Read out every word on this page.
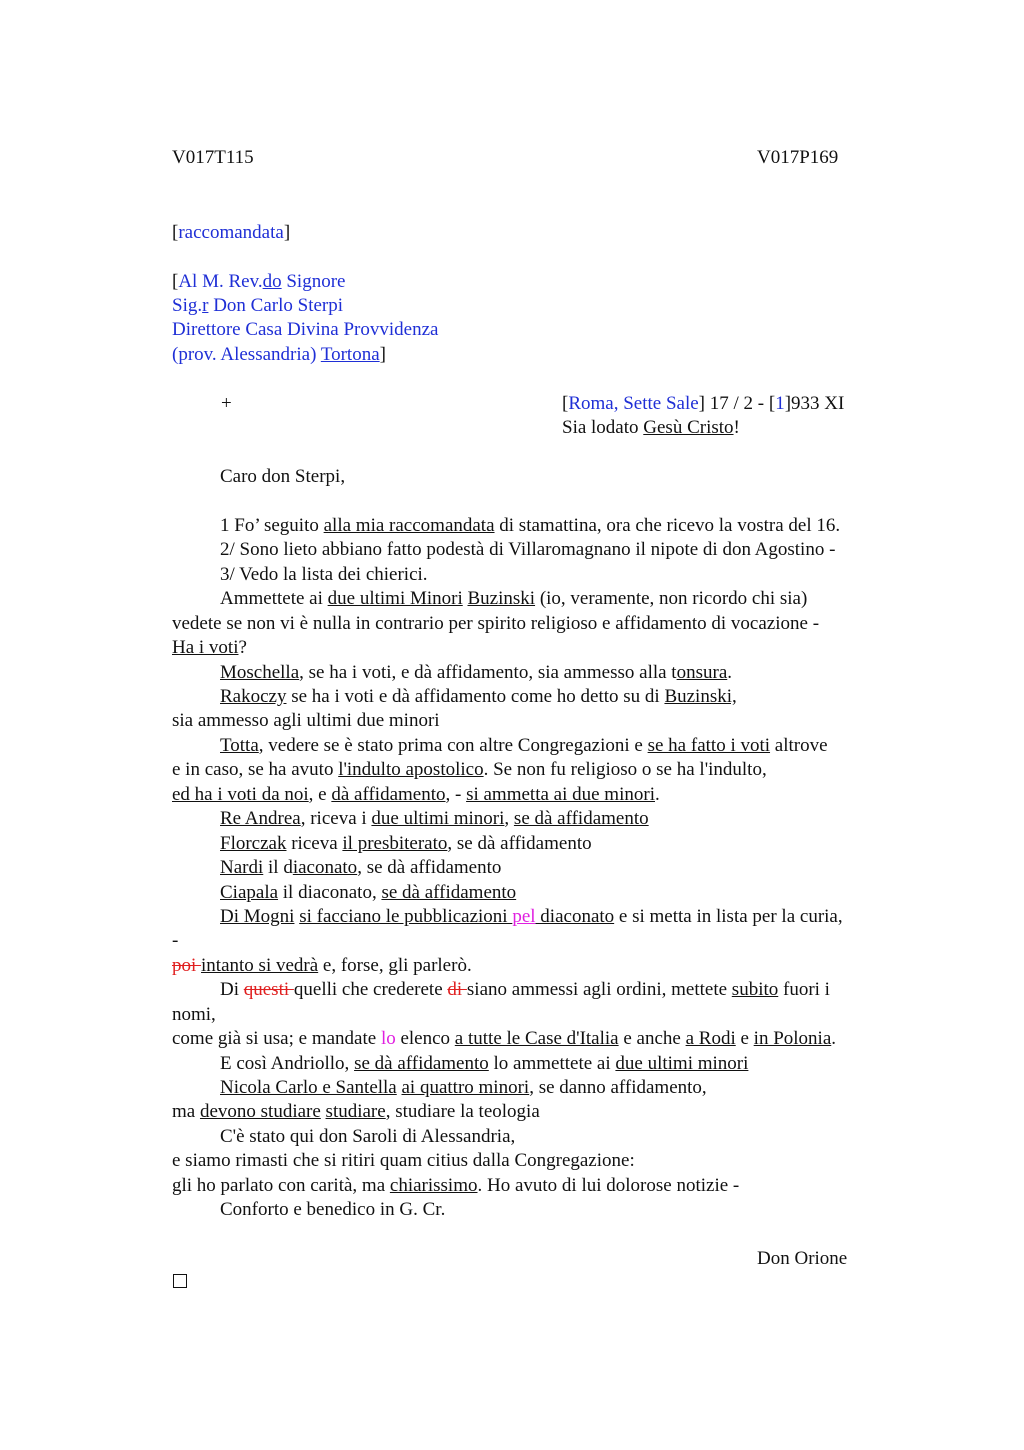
V017T115	V017P169
[raccomandata]
[Al M. Rev.do Signore
Sig.r Don Carlo Sterpi
Direttore Casa Divina Provvidenza
(prov. Alessandria) Tortona]
+	[Roma, Sette Sale] 17 / 2 - [1]933 XI
Sia lodato Gesù Cristo!
Caro don Sterpi,
1 Fo’ seguito alla mia raccomandata di stamattina, ora che ricevo la vostra del 16.
2/ Sono lieto abbiano fatto podestà di Villaromagnano il nipote di don Agostino -
3/ Vedo la lista dei chierici.
Ammettete ai due ultimi Minori Buzinski (io, veramente, non ricordo chi sia)
vedete se non vi è nulla in contrario per spirito religioso e affidamento di vocazione -
Ha i voti?
Moschella, se ha i voti, e dà affidamento, sia ammesso alla tonsura.
Rakoczy se ha i voti e dà affidamento come ho detto su di Buzinski,
sia ammesso agli ultimi due minori
Totta, vedere se è stato prima con altre Congregazioni e se ha fatto i voti altrove
e in caso, se ha avuto l'indulto apostolico. Se non fu religioso o se ha l'indulto,
ed ha i voti da noi, e dà affidamento, - si ammetta ai due minori.
Re Andrea, riceva i due ultimi minori, se dà affidamento
Florczak riceva il presbiterato, se dà affidamento
Nardi il diaconato, se dà affidamento
Ciapala il diaconato, se dà affidamento
Di Mogni si facciano le pubblicazioni pel diaconato e si metta in lista per la curia,
-
poi intanto si vedrà e, forse, gli parlerò.
Di questi quelli che crederete di siano ammessi agli ordini, mettete subito fuori i
nomi,
come già si usa; e mandate lo elenco a tutte le Case d'Italia e anche a Rodi e in Polonia.
E così Andriollo, se dà affidamento lo ammettete ai due ultimi minori
Nicola Carlo e Santella ai quattro minori, se danno affidamento,
ma devono studiare studiare, studiare la teologia
C'è stato qui don Saroli di Alessandria,
e siamo rimasti che si ritiri quam citius dalla Congregazione:
gli ho parlato con carità, ma chiarissimo. Ho avuto di lui dolorose notizie -
Conforto e benedico in G. Cr.
Don Orione
